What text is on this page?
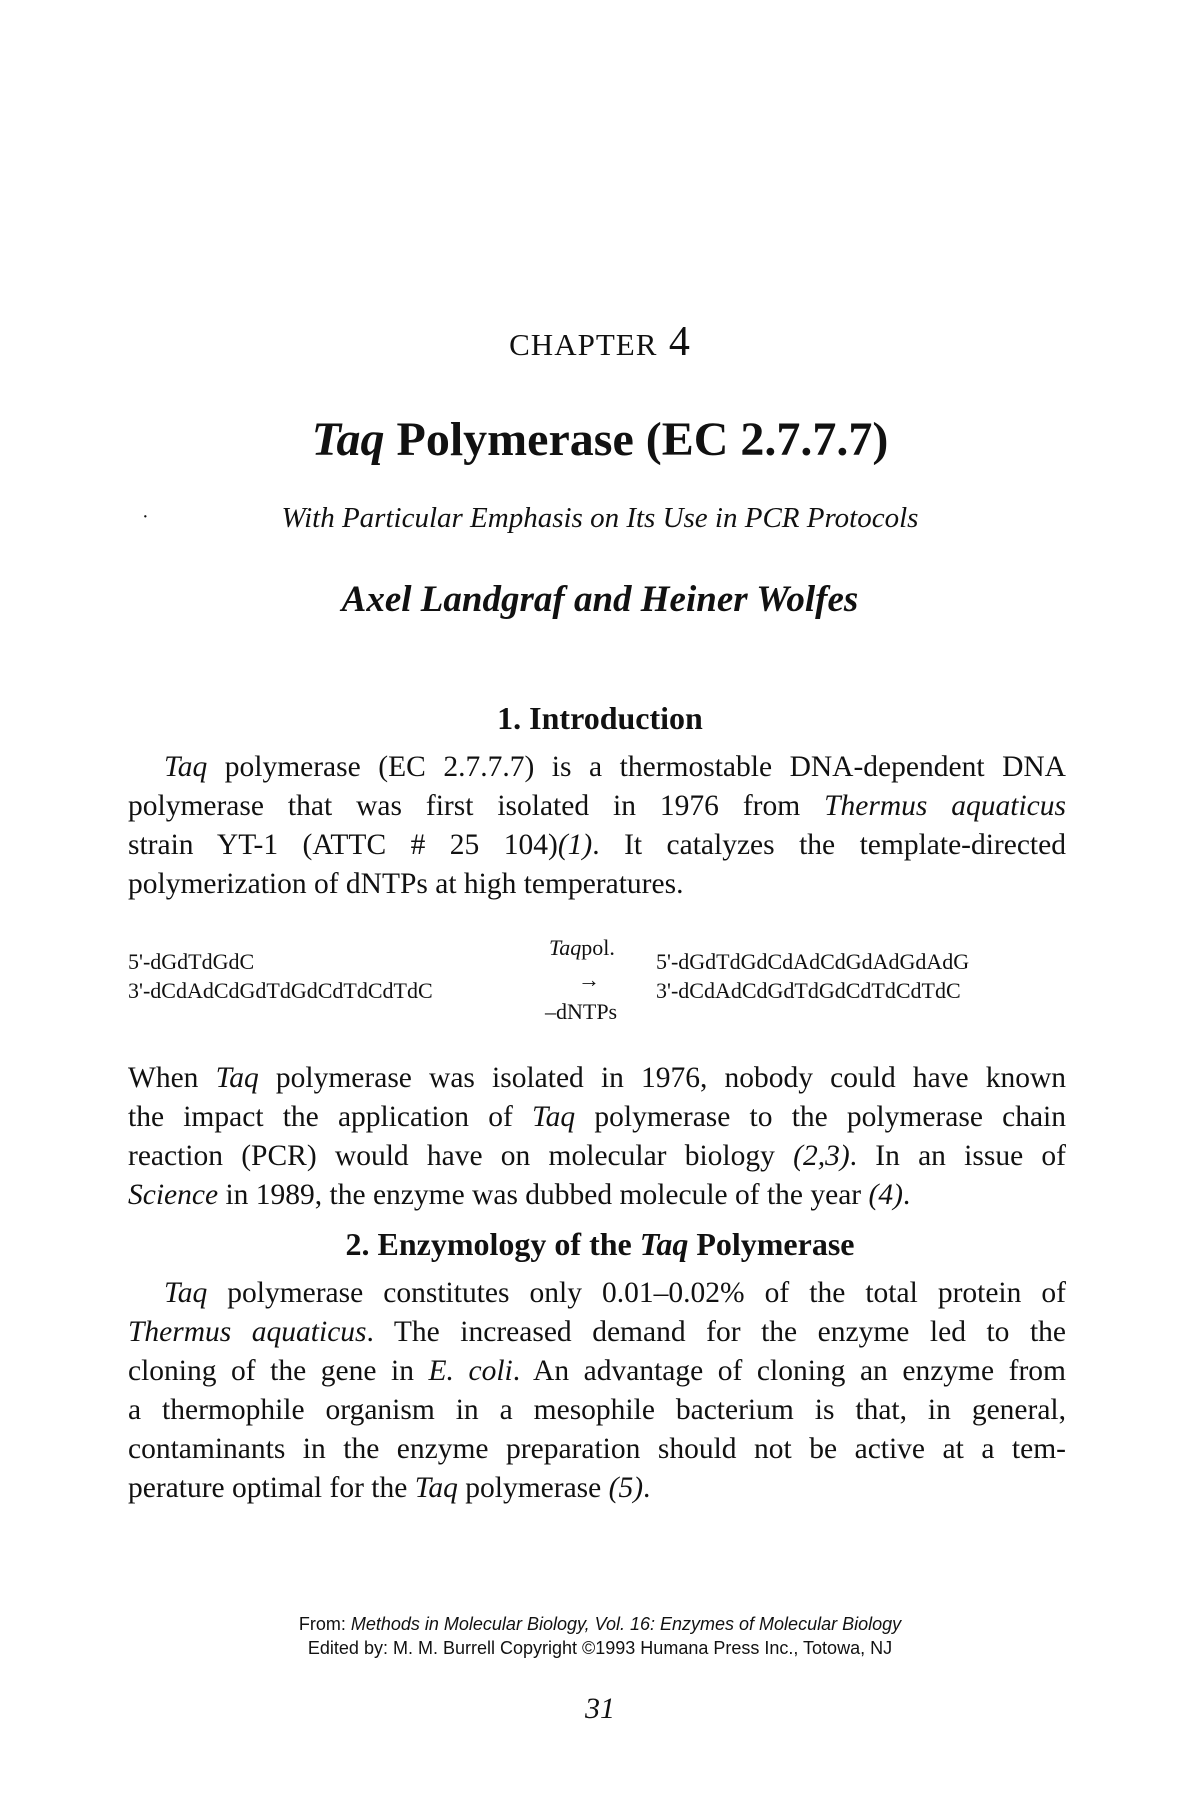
CHAPTER 4
Taq Polymerase (EC 2.7.7.7)
·	With Particular Emphasis on Its Use in PCR Protocols
Axel Landgraf and Heiner Wolfes
1. Introduction
Taq polymerase (EC 2.7.7.7) is a thermostable DNA-dependent DNA
polymerase that was first isolated in 1976 from Thermus aquaticus
strain YT-1 (ATTC # 25 104)(1). It catalyzes the template-directed
polymerization of dNTPs at high temperatures.
5'-dGdTdGdC
3'-dCdAdCdGdTdGdCdTdCdTdC
Taq pol.
→
–dNTPs
5'-dGdTdGdCdAdCdGdAdGdAdG
3'-dCdAdCdGdTdGdCdTdCdTdC
When Taq polymerase was isolated in 1976, nobody could have known
the impact the application of Taq polymerase to the polymerase chain
reaction (PCR) would have on molecular biology (2,3). In an issue of
Science in 1989, the enzyme was dubbed molecule of the year (4).
2. Enzymology of the Taq Polymerase
Taq polymerase constitutes only 0.01–0.02% of the total protein of
Thermus aquaticus. The increased demand for the enzyme led to the
cloning of the gene in E. coli. An advantage of cloning an enzyme from
a thermophile organism in a mesophile bacterium is that, in general,
contaminants in the enzyme preparation should not be active at a tem-
perature optimal for the Taq polymerase (5).
From: Methods in Molecular Biology, Vol. 16: Enzymes of Molecular Biology
Edited by: M. M. Burrell Copyright ©1993 Humana Press Inc., Totowa, NJ
31
